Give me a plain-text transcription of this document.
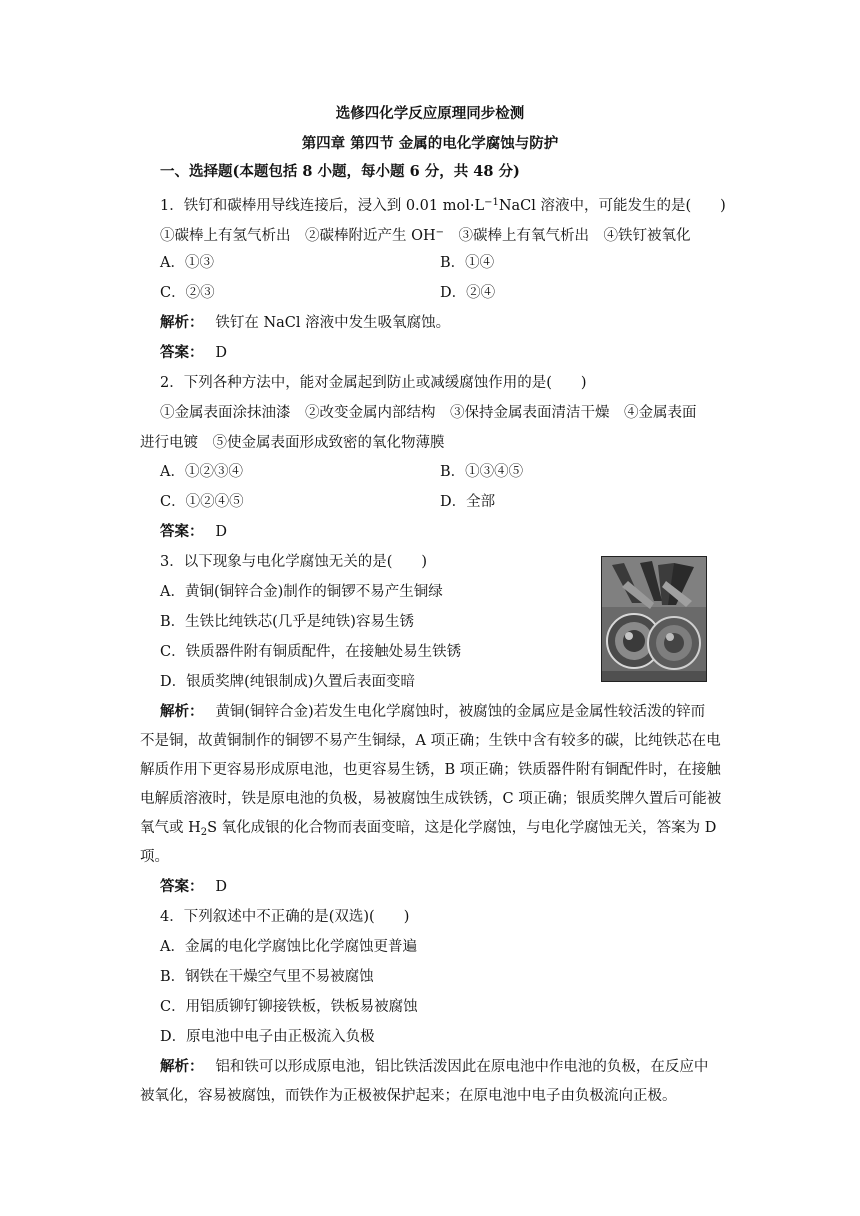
选修四化学反应原理同步检测
第四章 第四节 金属的电化学腐蚀与防护
一、选择题(本题包括 8 小题，每小题 6 分，共 48 分)
1．铁钉和碳棒用导线连接后，浸入到 0.01 $mol\cdot L^{-1}NaCl$ 溶液中，可能发生的是(　　)
①碳棒上有氢气析出　②碳棒附近产生 OH−　③碳棒上有氧气析出　④铁钉被氧化
A．①③	B．①④
C．②③	D．②④
解析：　 铁钉在 NaCl 溶液中发生吸氧腐蚀。
答案：　 D
2．下列各种方法中，能对金属起到防止或减缓腐蚀作用的是(　　)
①金属表面涂抹油漆　②改变金属内部结构　③保持金属表面清洁干燥　④金属表面
进行电镀　⑤使金属表面形成致密的氧化物薄膜
A．①②③④	B．①③④⑤
C．①②④⑤	D．全部
答案：　 D
3．以下现象与电化学腐蚀无关的是(　　)
A．黄铜(铜锌合金)制作的铜锣不易产生铜绿
B．生铁比纯铁芯(几乎是纯铁)容易生锈
C．铁质器件附有铜质配件，在接触处易生铁锈
D．银质奖牌(纯银制成)久置后表面变暗
解析：　 黄铜(铜锌合金)若发生电化学腐蚀时，被腐蚀的金属应是金属性较活泼的锌而
不是铜，故黄铜制作的铜锣不易产生铜绿，A 项正确；生铁中含有较多的碳，比纯铁芯在电
解质作用下更容易形成原电池，也更容易生锈，B 项正确；铁质器件附有铜配件时，在接触
电解质溶液时，铁是原电池的负极，易被腐蚀生成铁锈，C 项正确；银质奖牌久置后可能被
氧气或 $H_2S$ 氧化成银的化合物而表面变暗，这是化学腐蚀，与电化学腐蚀无关，答案为 D
项。
答案：　 D
4．下列叙述中不正确的是(双选)(　　)
A．金属的电化学腐蚀比化学腐蚀更普遍
B．钢铁在干燥空气里不易被腐蚀
C．用铝质铆钉铆接铁板，铁板易被腐蚀
D．原电池中电子由正极流入负极
解析：　 铝和铁可以形成原电池，铝比铁活泼因此在原电池中作电池的负极，在反应中
被氧化，容易被腐蚀，而铁作为正极被保护起来；在原电池中电子由负极流向正极。
